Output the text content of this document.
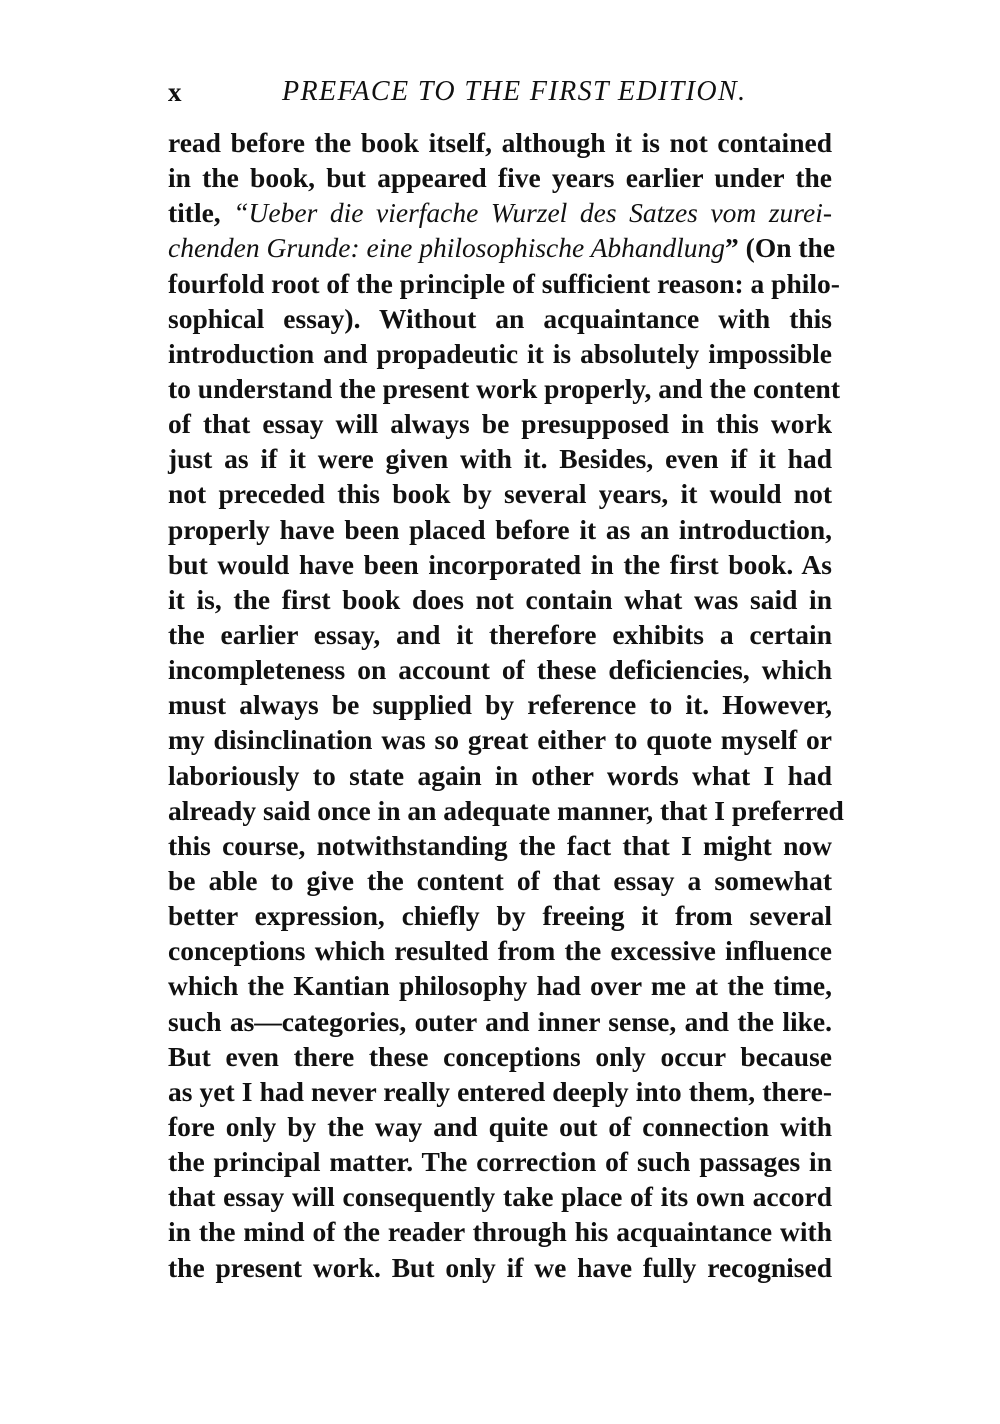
x	PREFACE TO THE FIRST EDITION.
read before the book itself, although it is not contained
in the book, but appeared five years earlier under the
title, “Ueber die vierfache Wurzel des Satzes vom zurei-
chenden Grunde: eine philosophische Abhandlung” (On the
fourfold root of the principle of sufficient reason: a philo-
sophical essay). Without an acquaintance with this
introduction and propadeutic it is absolutely impossible
to understand the present work properly, and the content
of that essay will always be presupposed in this work
just as if it were given with it. Besides, even if it had
not preceded this book by several years, it would not
properly have been placed before it as an introduction,
but would have been incorporated in the first book. As
it is, the first book does not contain what was said in
the earlier essay, and it therefore exhibits a certain
incompleteness on account of these deficiencies, which
must always be supplied by reference to it. However,
my disinclination was so great either to quote myself or
laboriously to state again in other words what I had
already said once in an adequate manner, that I preferred
this course, notwithstanding the fact that I might now
be able to give the content of that essay a somewhat
better expression, chiefly by freeing it from several
conceptions which resulted from the excessive influence
which the Kantian philosophy had over me at the time,
such as—categories, outer and inner sense, and the like.
But even there these conceptions only occur because
as yet I had never really entered deeply into them, there-
fore only by the way and quite out of connection with
the principal matter. The correction of such passages in
that essay will consequently take place of its own accord
in the mind of the reader through his acquaintance with
the present work. But only if we have fully recognised
